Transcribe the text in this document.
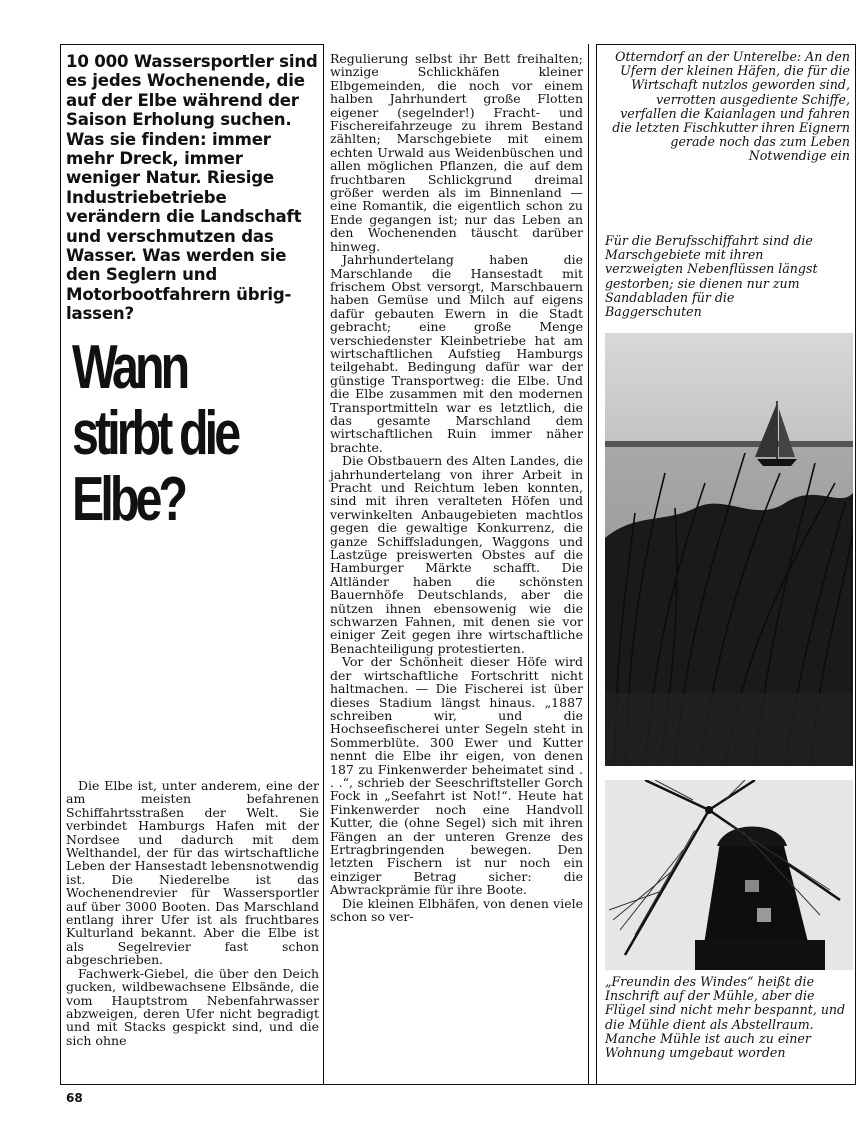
10 000 Wassersportler sind es jedes Wochenende, die auf der Elbe während der Saison Erholung suchen. Was sie finden: immer mehr Dreck, immer weniger Natur. Riesige Industriebetriebe verändern die Landschaft und verschmutzen das Wasser. Was werden sie den Seglern und Motorbootfahrern übrig-lassen?
Wann
stirbt die
Elbe?

Die Elbe ist, unter anderem, eine der am meisten befahrenen Schiffahrtsstraßen der Welt. Sie verbindet Hamburgs Hafen mit der Nordsee und dadurch mit dem Welthandel, der für das wirtschaftliche Leben der Hansestadt lebensnotwendig ist. Die Niederelbe ist das Wochenendrevier für Wassersportler auf über 3000 Booten. Das Marschland entlang ihrer Ufer ist als fruchtbares Kulturland bekannt. Aber die Elbe ist als Segelrevier fast schon abgeschrieben.

Fachwerk-Giebel, die über den Deich gucken, wildbewachsene Elbsände, die vom Hauptstrom Nebenfahrwasser abzweigen, deren Ufer nicht begradigt und mit Stacks gespickt sind, und die sich ohne

Regulierung selbst ihr Bett freihalten; winzige Schlickhäfen kleiner Elbgemeinden, die noch vor einem halben Jahrhundert große Flotten eigener (segelnder!) Fracht- und Fischereifahrzeuge zu ihrem Bestand zählten; Marschgebiete mit einem echten Urwald aus Weidenbüschen und allen möglichen Pflanzen, die auf dem fruchtbaren Schlickgrund dreimal größer werden als im Binnenland — eine Romantik, die eigentlich schon zu Ende gegangen ist; nur das Leben an den Wochenenden täuscht darüber hinweg.

Jahrhundertelang haben die Marschlande die Hansestadt mit frischem Obst versorgt, Marschbauern haben Gemüse und Milch auf eigens dafür gebauten Ewern in die Stadt gebracht; eine große Menge verschiedenster Kleinbetriebe hat am wirtschaftlichen Aufstieg Hamburgs teilgehabt. Bedingung dafür war der günstige Transportweg: die Elbe. Und die Elbe zusammen mit den modernen Transportmitteln war es letztlich, die das gesamte Marschland dem wirtschaftlichen Ruin immer näher brachte.

Die Obstbauern des Alten Landes, die jahrhundertelang von ihrer Arbeit in Pracht und Reichtum leben konnten, sind mit ihren veralteten Höfen und verwinkelten Anbaugebieten machtlos gegen die gewaltige Konkurrenz, die ganze Schiffsladungen, Waggons und Lastzüge preiswerten Obstes auf die Hamburger Märkte schafft. Die Altländer haben die schönsten Bauernhöfe Deutschlands, aber die nützen ihnen ebensowenig wie die schwarzen Fahnen, mit denen sie vor einiger Zeit gegen ihre wirtschaftliche Benachteiligung protestierten.

Vor der Schönheit dieser Höfe wird der wirtschaftliche Fortschritt nicht haltmachen. — Die Fischerei ist über dieses Stadium längst hinaus. „1887 schreiben wir, und die Hochseefischerei unter Segeln steht in Sommerblüte. 300 Ewer und Kutter nennt die Elbe ihr eigen, von denen 187 zu Finkenwerder beheimatet sind . . .“, schrieb der Seeschriftsteller Gorch Fock in „Seefahrt ist Not!“. Heute hat Finkenwerder noch eine Handvoll Kutter, die (ohne Segel) sich mit ihren Fängen an der unteren Grenze des Ertragbringenden bewegen. Den letzten Fischern ist nur noch ein einziger Betrag sicher: die Abwrackprämie für ihre Boote.

Die kleinen Elbhäfen, von denen viele schon so ver-

Otterndorf an der Unterelbe: An den Ufern der kleinen Häfen, die für die Wirtschaft nutzlos geworden sind, verrotten ausgediente Schiffe, verfallen die Kaianlagen und fahren die letzten Fischkutter ihren Eignern gerade noch das zum Leben Notwendige ein
Für die Berufsschiffahrt sind die Marschgebiete mit ihren verzweigten Nebenflüssen längst gestorben; sie dienen nur zum Sandabladen für die Baggerschuten
„Freundin des Windes“ heißt die Inschrift auf der Mühle, aber die Flügel sind nicht mehr bespannt, und die Mühle dient als Abstellraum. Manche Mühle ist auch zu einer Wohnung umgebaut worden
68
